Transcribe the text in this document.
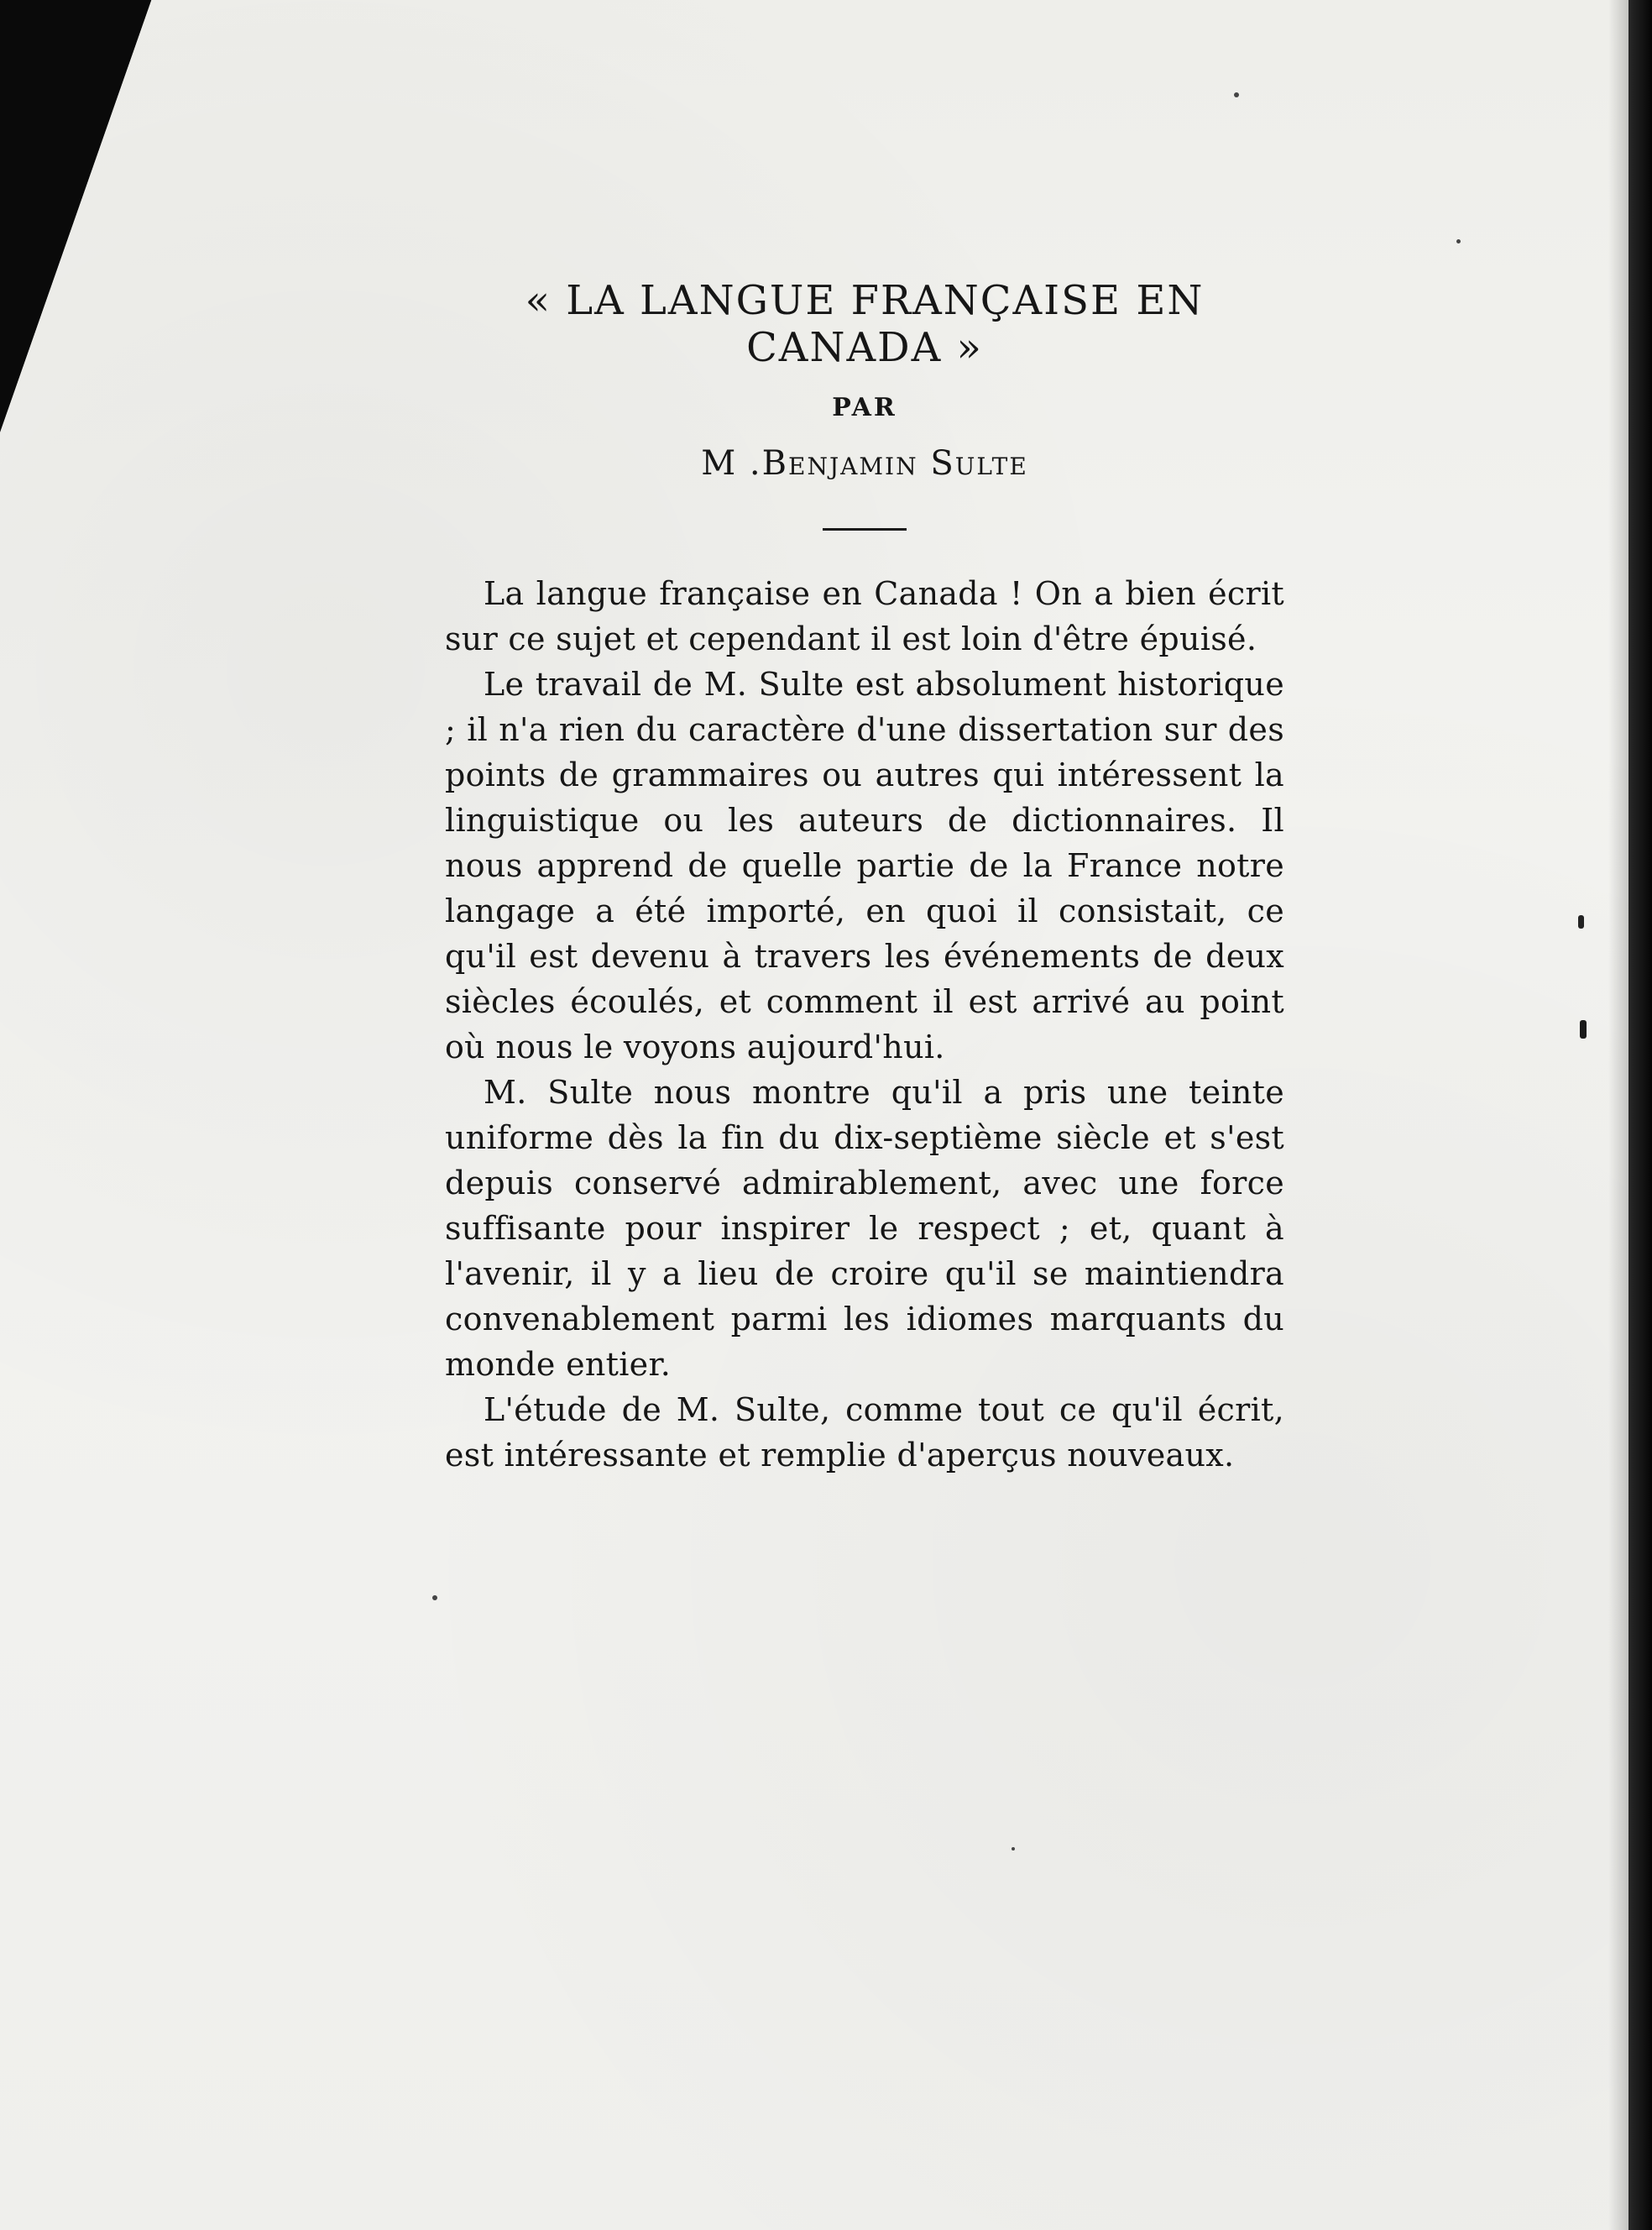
« LA LANGUE FRANÇAISE EN
CANADA »
PAR
M .Benjamin Sulte

La langue française en Canada ! On a bien écrit sur ce sujet et cependant il est loin d'être épuisé.

Le travail de M. Sulte est absolument historique ; il n'a rien du caractère d'une dissertation sur des points de grammaires ou autres qui intéressent la linguistique ou les auteurs de dictionnaires. Il nous apprend de quelle partie de la France notre langage a été importé, en quoi il consistait, ce qu'il est devenu à travers les événements de deux siècles écoulés, et comment il est arrivé au point où nous le voyons aujourd'hui.

M. Sulte nous montre qu'il a pris une teinte uniforme dès la fin du dix-septième siècle et s'est depuis conservé admirablement, avec une force suffisante pour inspirer le respect ; et, quant à l'avenir, il y a lieu de croire qu'il se maintiendra convenablement parmi les idiomes marquants du monde entier.

L'étude de M. Sulte, comme tout ce qu'il écrit, est intéressante et remplie d'aperçus nouveaux.
